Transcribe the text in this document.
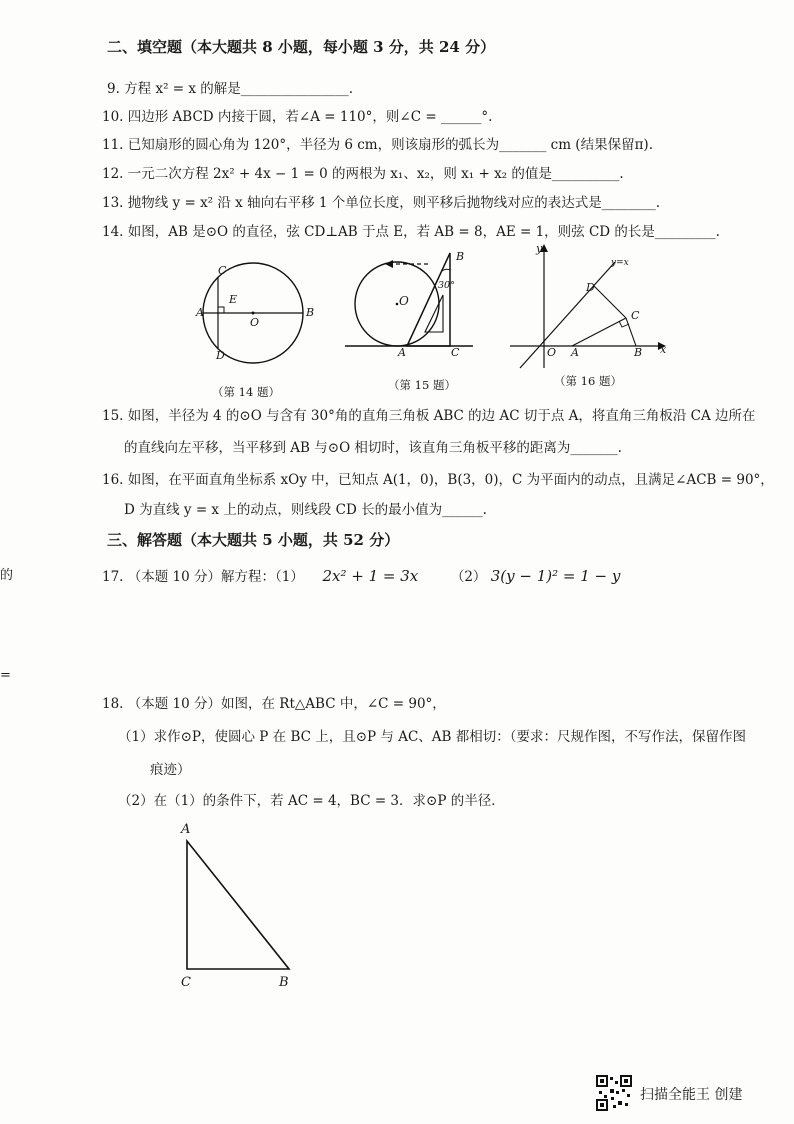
二、填空题（本大题共 8 小题，每小题 3 分，共 24 分）
9. 方程 x² = x 的解是________________.
10. 四边形 ABCD 内接于圆，若∠A = 110°，则∠C = ______°.
11. 已知扇形的圆心角为 120°，半径为 6 cm，则该扇形的弧长为_______ cm (结果保留π).
12. 一元二次方程 2x² + 4x − 1 = 0 的两根为 x₁、x₂，则 x₁ + x₂ 的值是__________.
13. 抛物线 y = x² 沿 x 轴向右平移 1 个单位长度，则平移后抛物线对应的表达式是________.
14. 如图，AB 是⊙O 的直径，弦 CD⊥AB 于点 E，若 AB = 8，AE = 1，则弦 CD 的长是_________.
C
E
A
O
B
D
（第 14 题）
B
O
30°
A	C
（第 15 题）
y
y=x
D
C
O A	B x
（第 16 题）
15. 如图，半径为 4 的⊙O 与含有 30°角的直角三角板 ABC 的边 AC 切于点 A，将直角三角板沿 CA 边所在
的直线向左平移，当平移到 AB 与⊙O 相切时，该直角三角板平移的距离为_______.
16. 如图，在平面直角坐标系 xOy 中，已知点 A(1，0)，B(3，0)，C 为平面内的动点，且满足∠ACB = 90°，
D 为直线 y = x 上的动点，则线段 CD 长的最小值为______.
三、解答题（本大题共 5 小题，共 52 分）
17. （本题 10 分）解方程：（1） 2x² + 1 = 3x （2） 3(y − 1)² = 1 − y
18. （本题 10 分）如图，在 Rt△ABC 中，∠C = 90°，
（1）求作⊙P，使圆心 P 在 BC 上，且⊙P 与 AC、AB 都相切：（要求：尺规作图，不写作法，保留作图
痕迹）
（2）在（1）的条件下，若 AC = 4，BC = 3．求⊙P 的半径．
A
C	B
的
=
扫描全能王 创建
